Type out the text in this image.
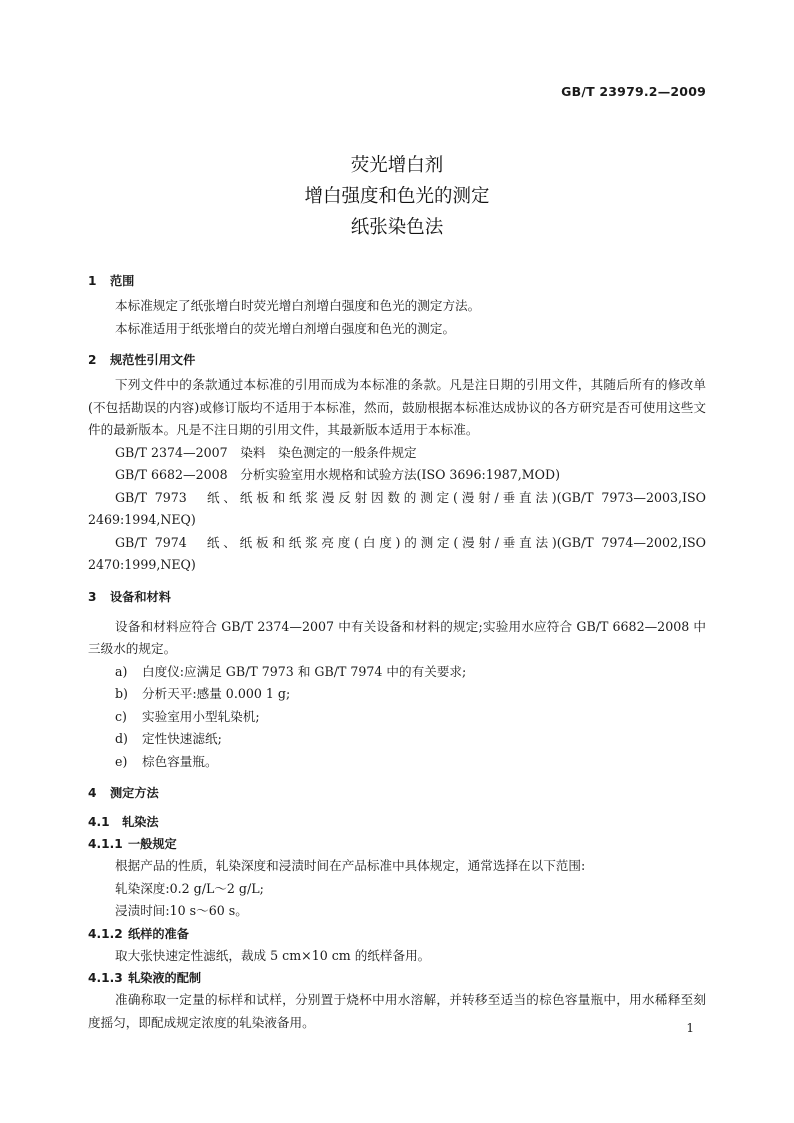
GB/T 23979.2—2009
荧光增白剂
增白强度和色光的测定
纸张染色法
1 范围

本标准规定了纸张增白时荧光增白剂增白强度和色光的测定方法。

本标准适用于纸张增白的荧光增白剂增白强度和色光的测定。

2 规范性引用文件

下列文件中的条款通过本标准的引用而成为本标准的条款。凡是注日期的引用文件，其随后所有的修改单(不包括勘误的内容)或修订版均不适用于本标准，然而，鼓励根据本标准达成协议的各方研究是否可使用这些文件的最新版本。凡是不注日期的引用文件，其最新版本适用于本标准。

GB/T 2374—2007　染料　染色测定的一般条件规定

GB/T 6682—2008　分析实验室用水规格和试验方法(ISO 3696:1987,MOD)

GB/T 7973　纸、纸板和纸浆漫反射因数的测定(漫射/垂直法)(GB/T 7973—2003,ISO 2469:1994,NEQ)

GB/T 7974　纸、纸板和纸浆亮度(白度)的测定(漫射/垂直法)(GB/T 7974—2002,ISO 2470:1999,NEQ)

3 设备和材料

设备和材料应符合 GB/T 2374—2007 中有关设备和材料的规定;实验用水应符合 GB/T 6682—2008 中三级水的规定。

a) 白度仪:应满足 GB/T 7973 和 GB/T 7974 中的有关要求;

b) 分析天平:感量 0.000 1 g;

c) 实验室用小型轧染机;

d) 定性快速滤纸;

e) 棕色容量瓶。

4 测定方法
4.1 轧染法
4.1.1 一般规定

根据产品的性质，轧染深度和浸渍时间在产品标准中具体规定，通常选择在以下范围:

轧染深度:0.2 g/L～2 g/L;

浸渍时间:10 s～60 s。

4.1.2 纸样的准备

取大张快速定性滤纸，裁成 5 cm×10 cm 的纸样备用。

4.1.3 轧染液的配制

准确称取一定量的标样和试样，分别置于烧杯中用水溶解，并转移至适当的棕色容量瓶中，用水稀释至刻度摇匀，即配成规定浓度的轧染液备用。	1
